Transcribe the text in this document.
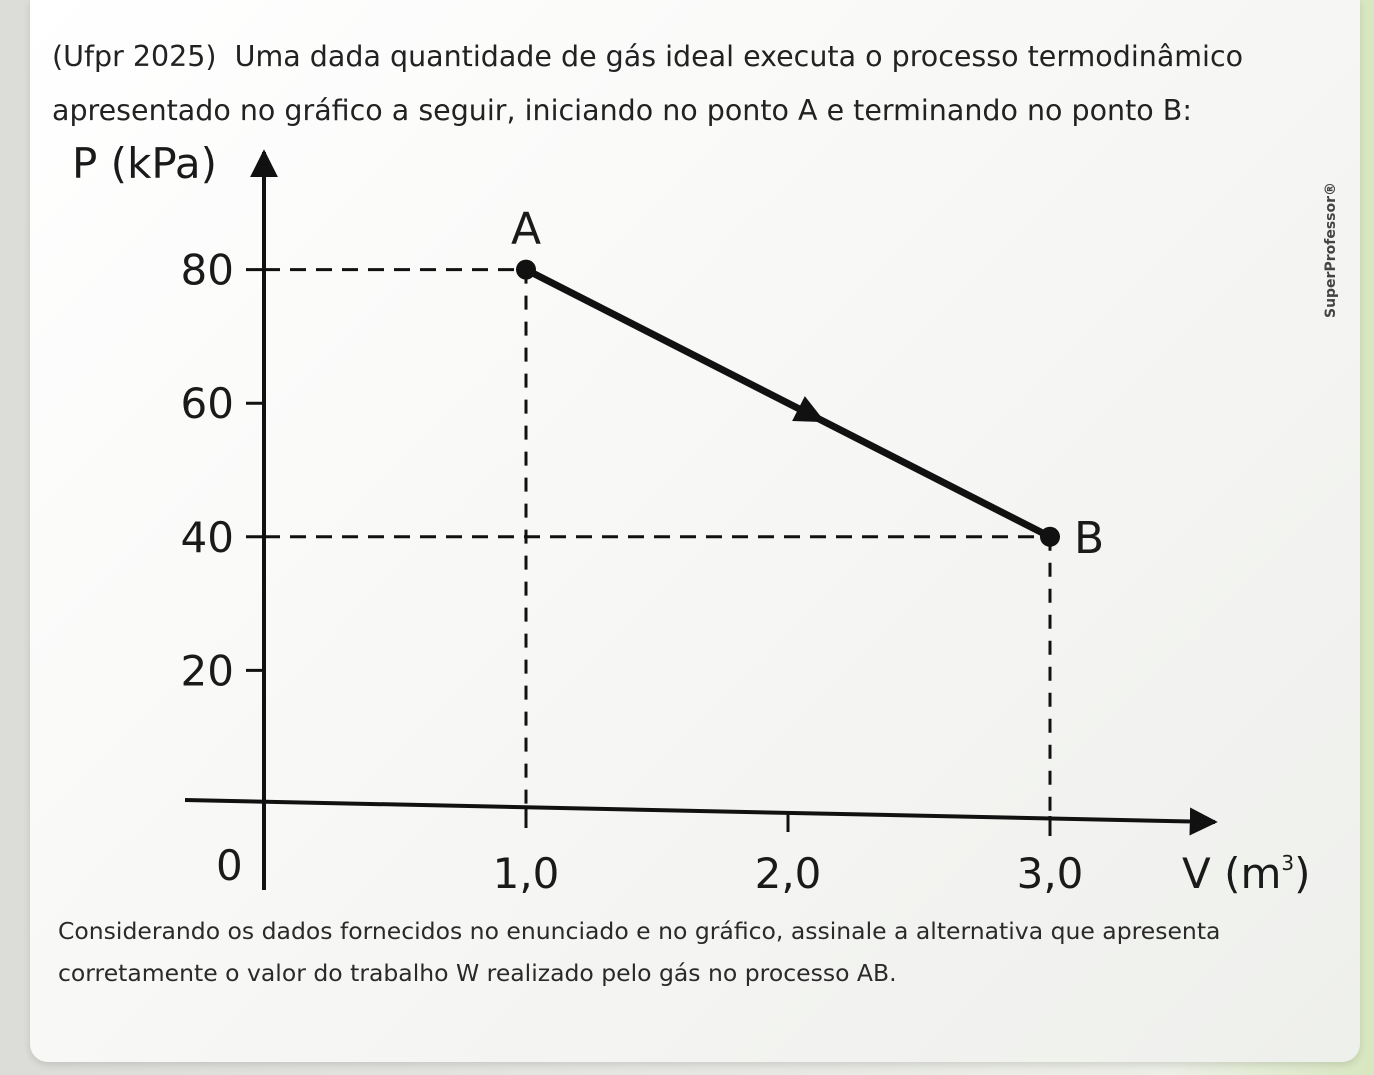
(Ufpr 2025) Uma dada quantidade de gás ideal executa o processo termodinâmico apresentado no gráfico a seguir, iniciando no ponto A e terminando no ponto B:

20
40
60
80
1,0	2,0	3,0
A
B
P (kPa)
V $(m^3)$
0

Considerando os dados fornecidos no enunciado e no gráfico, assinale a alternativa que apresenta corretamente o valor do trabalho W realizado pelo gás no processo AB.

SuperProfessor®
